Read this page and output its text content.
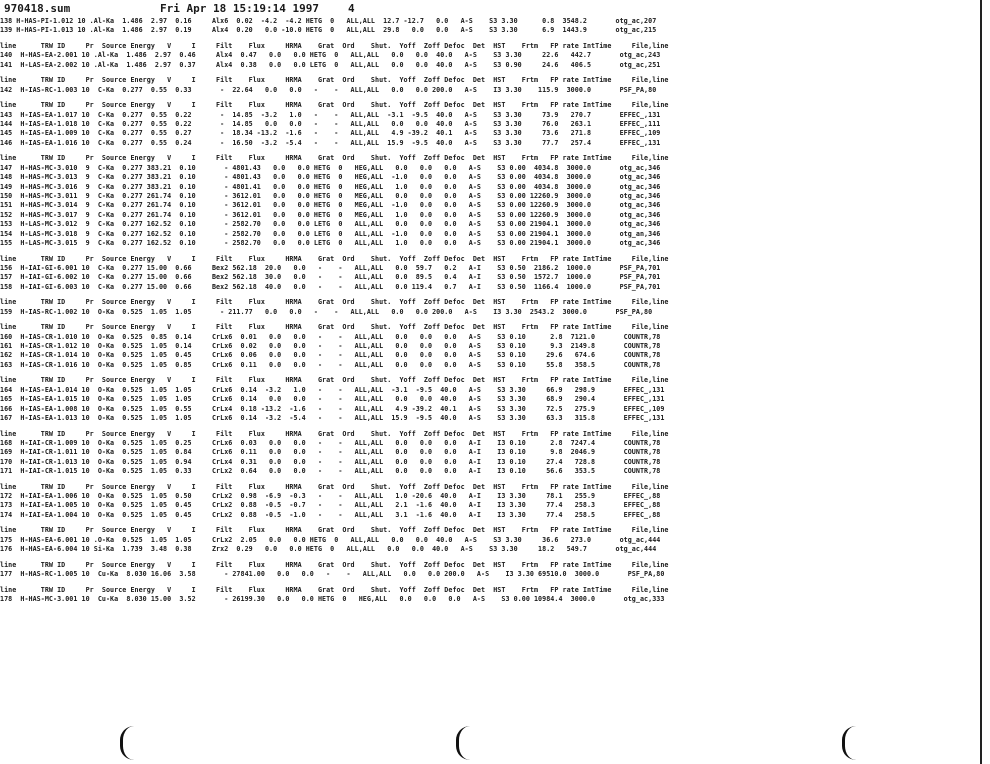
970418.sum

	Fri Apr 18 15:19:14 1997

	4

138 H-HAS-PI-1.012 10 .Al-Ka  1.486  2.97  0.16     Alx6  0.02  -4.2  -4.2 HETG  0   ALL,ALL  12.7 -12.7   0.0   A-S    S3 3.30      0.8  3548.2       otg_ac,207
139 H-HAS-PI-1.013 10 .Al-Ka  1.486  2.97  0.19     Alx4  0.20   0.0 -10.0 HETG  0   ALL,ALL  29.8   0.0   0.0   A-S    S3 3.30      6.9  1443.9       otg_ac,215
line      TRW ID     Pr  Source Energy   V     I     Filt    Flux     HRMA    Grat  Ord    Shut.  Yoff  Zoff Defoc  Det  HST    Frtm   FP rate IntTime     File,line
140  H-HAS-EA-2.001 10 .Al-Ka  1.486  2.97  0.46     Alx4  0.47   0.0   0.0 HETG  0   ALL,ALL   0.0   0.0  40.0   A-S    S3 3.30     22.6   442.7       otg_ac,243
141  H-LAS-EA-2.002 10 .Al-Ka  1.486  2.97  0.37     Alx4  0.38   0.0   0.0 LETG  0   ALL,ALL   0.0   0.0  40.0   A-S    S3 0.90     24.6   406.5       otg_ac,251
line      TRW ID     Pr  Source Energy   V     I     Filt    Flux     HRMA    Grat  Ord    Shut.  Yoff  Zoff Defoc  Det  HST    Frtm   FP rate IntTime     File,line
142  H-IAS-RC-1.003 10  C-Ka  0.277  0.55  0.33       -  22.64   0.0   0.0   -    -   ALL,ALL   0.0   0.0 200.0   A-S    I3 3.30    115.9  3000.0       PSF_PA,80
line      TRW ID     Pr  Source Energy   V     I     Filt    Flux     HRMA    Grat  Ord    Shut.  Yoff  Zoff Defoc  Det  HST    Frtm   FP rate IntTime     File,line
143  H-IAS-EA-1.017 10  C-Ka  0.277  0.55  0.22       -  14.85  -3.2   1.0   -    -   ALL,ALL  -3.1  -9.5  40.0   A-S    S3 3.30     73.9   270.7       EFFEC_,131
144  H-IAS-EA-1.018 10  C-Ka  0.277  0.55  0.22       -  14.85   0.0   0.0   -    -   ALL,ALL   0.0   0.0  40.0   A-S    S3 3.30     76.0   263.1       EFFEC_,111
145  H-IAS-EA-1.009 10  C-Ka  0.277  0.55  0.27       -  18.34 -13.2  -1.6   -    -   ALL,ALL   4.9 -39.2  40.1   A-S    S3 3.30     73.6   271.8       EFFEC_,109
146  H-IAS-EA-1.016 10  C-Ka  0.277  0.55  0.24       -  16.50  -3.2  -5.4   -    -   ALL,ALL  15.9  -9.5  40.0   A-S    S3 3.30     77.7   257.4       EFFEC_,131
line      TRW ID     Pr  Source Energy   V     I     Filt    Flux     HRMA    Grat  Ord    Shut.  Yoff  Zoff Defoc  Det  HST    Frtm   FP rate IntTime     File,line
147  H-HAS-MC-3.010  9  C-Ka  0.277 383.21  0.10       - 4801.43   0.0   0.0 HETG  0   HEG,ALL   0.0   0.0   0.0   A-S    S3 0.00  4034.8  3000.0       otg_ac,346
148  H-HAS-MC-3.013  9  C-Ka  0.277 383.21  0.10       - 4801.43   0.0   0.0 HETG  0   HEG,ALL  -1.0   0.0   0.0   A-S    S3 0.00  4034.8  3000.0       otg_ac,346
149  H-HAS-MC-3.016  9  C-Ka  0.277 383.21  0.10       - 4801.41   0.0   0.0 HETG  0   HEG,ALL   1.0   0.0   0.0   A-S    S3 0.00  4034.8  3000.0       otg_ac,346
150  H-HAS-MC-3.011  9  C-Ka  0.277 261.74  0.10       - 3612.01   0.0   0.0 HETG  0   MEG,ALL   0.0   0.0   0.0   A-S    S3 0.00 12260.9  3000.0       otg_ac,346
151  H-HAS-MC-3.014  9  C-Ka  0.277 261.74  0.10       - 3612.01   0.0   0.0 HETG  0   MEG,ALL  -1.0   0.0   0.0   A-S    S3 0.00 12260.9  3000.0       otg_ac,346
152  H-HAS-MC-3.017  9  C-Ka  0.277 261.74  0.10       - 3612.01   0.0   0.0 HETG  0   MEG,ALL   1.0   0.0   0.0   A-S    S3 0.00 12260.9  3000.0       otg_ac,346
153  H-LAS-MC-3.012  9  C-Ka  0.277 162.52  0.10       - 2582.70   0.0   0.0 LETG  0   ALL,ALL   0.0   0.0   0.0   A-S    S3 0.00 21904.1  3000.0       otg_ac,346
154  H-LAS-MC-3.018  9  C-Ka  0.277 162.52  0.10       - 2582.70   0.0   0.0 LETG  0   ALL,ALL  -1.0   0.0   0.0   A-S    S3 0.00 21904.1  3000.0       otg_an,346
155  H-LAS-MC-3.015  9  C-Ka  0.277 162.52  0.10       - 2582.70   0.0   0.0 LETG  0   ALL,ALL   1.0   0.0   0.0   A-S    S3 0.00 21904.1  3000.0       otg_ac,346
line      TRW ID     Pr  Source Energy   V     I     Filt    Flux     HRMA    Grat  Ord    Shut.  Yoff  Zoff Defoc  Det  HST    Frtm   FP rate IntTime     File,line
156  H-IAI-GI-6.001 10  C-Ka  0.277 15.00  0.66     Bex2 562.18  20.0   0.0   -    -   ALL,ALL   0.0  59.7   0.2   A-I    S3 0.50  2186.2  1000.0       PSF_PA,701
157  H-IAI-GI-6.002 10  C-Ka  0.277 15.00  0.66     Bex2 562.18  30.0   0.0   -    -   ALL,ALL   0.0  89.5   0.4   A-I    S3 0.50  1572.7  1000.0       PSF_PA,701
158  H-IAI-GI-6.003 10  C-Ka  0.277 15.00  0.66     Bex2 562.18  40.0   0.0   -    -   ALL,ALL   0.0 119.4   0.7   A-I    S3 0.50  1166.4  1000.0       PSF_PA,701
line      TRW ID     Pr  Source Energy   V     I     Filt    Flux     HRMA    Grat  Ord    Shut.  Yoff  Zoff Defoc  Det  HST    Frtm   FP rate IntTime     File,line
159  H-IAS-RC-1.002 10  O-Ka  0.525  1.05  1.05       - 211.77   0.0   0.0   -    -   ALL,ALL   0.0   0.0 200.0   A-S    I3 3.30  2543.2  3000.0       PSF_PA,80
line      TRW ID     Pr  Source Energy   V     I     Filt    Flux     HRMA    Grat  Ord    Shut.  Yoff  Zoff Defoc  Det  HST    Frtm   FP rate IntTime     File,line
160  H-IAS-CR-1.010 10  O-Ka  0.525  0.85  0.14     CrLx6  0.01   0.0   0.0   -    -   ALL,ALL   0.0   0.0   0.0   A-S    S3 0.10      2.8  7121.0       COUNTR,78
161  H-IAS-CR-1.012 10  O-Ka  0.525  1.05  0.14     CrLx6  0.02   0.0   0.0   -    -   ALL,ALL   0.0   0.0   0.0   A-S    S3 0.10      9.3  2149.8       COUNTR,78
162  H-IAS-CR-1.014 10  O-Ka  0.525  1.05  0.45     CrLx6  0.06   0.0   0.0   -    -   ALL,ALL   0.0   0.0   0.0   A-S    S3 0.10     29.6   674.6       COUNTR,78
163  H-IAS-CR-1.016 10  O-Ka  0.525  1.05  0.85     CrLx6  0.11   0.0   0.0   -    -   ALL,ALL   0.0   0.0   0.0   A-S    S3 0.10     55.8   358.5       COUNTR,78
line      TRW ID     Pr  Source Energy   V     I     Filt    Flux     HRMA    Grat  Ord    Shut.  Yoff  Zoff Defoc  Det  HST    Frtm   FP rate IntTime     File,line
164  H-IAS-EA-1.014 10  O-Ka  0.525  1.05  1.05     CrLx6  0.14  -3.2   1.0   -    -   ALL,ALL  -3.1  -9.5  40.0   A-S    S3 3.30     66.9   298.9       EFFEC_,131
165  H-IAS-EA-1.015 10  O-Ka  0.525  1.05  1.05     CrLx6  0.14   0.0   0.0   -    -   ALL,ALL   0.0   0.0  40.0   A-S    S3 3.30     68.9   290.4       EFFEC_,131
166  H-IAS-EA-1.008 10  O-Ka  0.525  1.05  0.55     CrLx4  0.18 -13.2  -1.6   -    -   ALL,ALL   4.9 -39.2  40.1   A-S    S3 3.30     72.5   275.9       EFFEC_,109
167  H-IAS-EA-1.013 10  O-Ka  0.525  1.05  1.05     CrLx6  0.14  -3.2  -5.4   -    -   ALL,ALL  15.9  -9.5  40.0   A-S    S3 3.30     63.3   315.8       EFFEC_,131
line      TRW ID     Pr  Source Energy   V     I     Filt    Flux     HRMA    Grat  Ord    Shut.  Yoff  Zoff Defoc  Det  HST    Frtm   FP rate IntTime     File,line
168  H-IAI-CR-1.009 10  O-Ka  0.525  1.05  0.25     CrLx6  0.03   0.0   0.0   -    -   ALL,ALL   0.0   0.0   0.0   A-I    I3 0.10      2.8  7247.4       COUNTR,78
169  H-IAI-CR-1.011 10  O-Ka  0.525  1.05  0.84     CrLx6  0.11   0.0   0.0   -    -   ALL,ALL   0.0   0.0   0.0   A-I    I3 0.10      9.8  2046.9       COUNTR,78
170  H-IAI-CR-1.013 10  O-Ka  0.525  1.05  0.94     CrLx4  0.31   0.0   0.0   -    -   ALL,ALL   0.0   0.0   0.0   A-I    I3 0.10     27.4   728.8       COUNTR,78
171  H-IAI-CR-1.015 10  O-Ka  0.525  1.05  0.33     CrLx2  0.64   0.0   0.0   -    -   ALL,ALL   0.0   0.0   0.0   A-I    I3 0.10     56.6   353.5       COUNTR,78
line      TRW ID     Pr  Source Energy   V     I     Filt    Flux     HRMA    Grat  Ord    Shut.  Yoff  Zoff Defoc  Det  HST    Frtm   FP rate IntTime     File,line
172  H-IAI-EA-1.006 10  O-Ka  0.525  1.05  0.50     CrLx2  0.98  -6.9  -0.3   -    -   ALL,ALL   1.0 -20.6  40.0   A-I    I3 3.30     78.1   255.9       EFFEC_,88
173  H-IAI-EA-1.005 10  O-Ka  0.525  1.05  0.45     CrLx2  0.88  -0.5  -0.7   -    -   ALL,ALL   2.1  -1.6  40.0   A-I    I3 3.30     77.4   258.3       EFFEC_,88
174  H-IAI-EA-1.004 10  O-Ka  0.525  1.05  0.45     CrLx2  0.88  -0.5  -1.0   -    -   ALL,ALL   3.1  -1.6  40.0   A-I    I3 3.30     77.4   258.5       EFFEC_,88
line      TRW ID     Pr  Source Energy   V     I     Filt    Flux     HRMA    Grat  Ord    Shut.  Yoff  Zoff Defoc  Det  HST    Frtm   FP rate IntTime     File,line
175  H-HAS-EA-6.001 10 .O-Ka  0.525  1.05  1.05     CrLx2  2.05   0.0   0.0 HETG  0   ALL,ALL   0.0   0.0  40.0   A-S    S3 3.30     36.6   273.0       otg_ac,444
176  H-HAS-EA-6.004 10 Si-Ka  1.739  3.48  0.38     Zrx2  0.29   0.0   0.0 HETG  0   ALL,ALL   0.0   0.0  40.0   A-S    S3 3.30     18.2   549.7       otg_ac,444
line      TRW ID     Pr  Source Energy   V     I     Filt    Flux     HRMA    Grat  Ord    Shut.  Yoff  Zoff Defoc  Det  HST    Frtm   FP rate IntTime     File,line
177  H-HAS-RC-1.005 10  Cu-Ka  8.030 16.06  3.58       - 27841.00   0.0   0.0   -    -   ALL,ALL   0.0   0.0 200.0   A-S    I3 3.30 69510.0  3000.0       PSF_PA,80
line      TRW ID     Pr  Source Energy   V     I     Filt    Flux     HRMA    Grat  Ord    Shut.  Yoff  Zoff Defoc  Det  HST    Frtm   FP rate IntTime     File,line
178  H-HAS-MC-3.001 10  Cu-Ka  8.030 15.00  3.52       - 26199.30   0.0   0.0 HETG  0   HEG,ALL   0.0   0.0   0.0   A-S    S3 0.00 10984.4  3000.0       otg_ac,333
